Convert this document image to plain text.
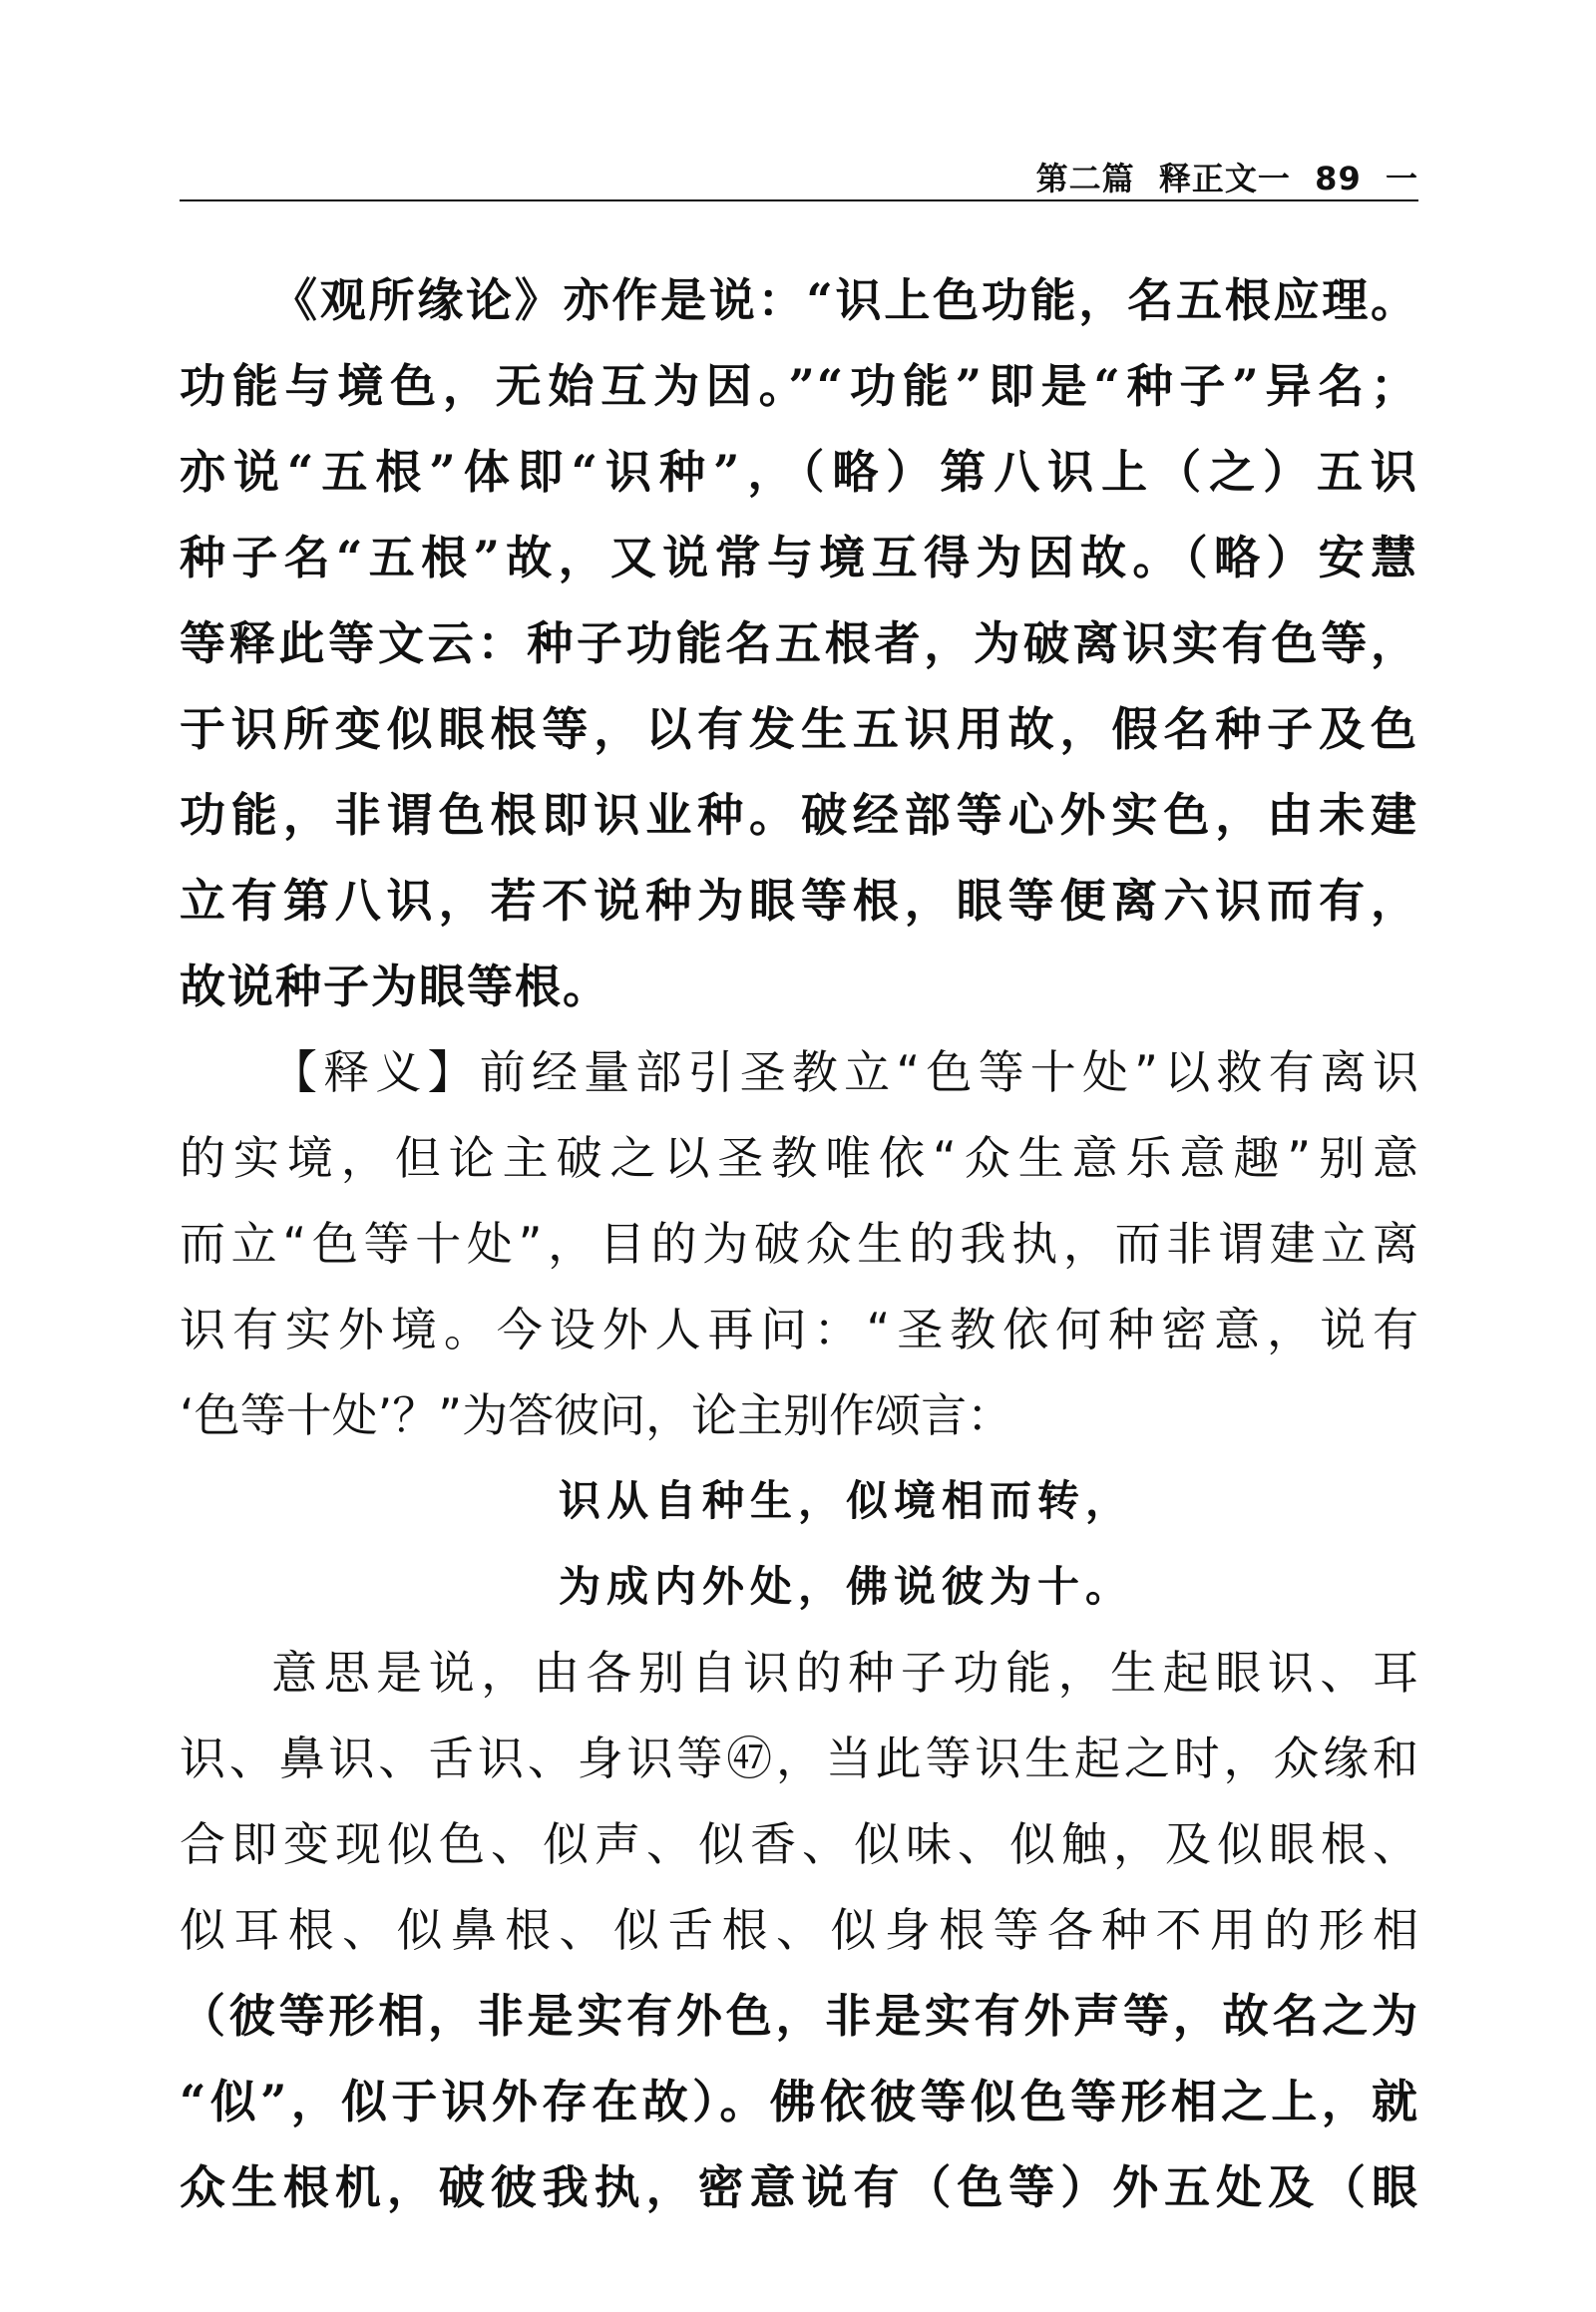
第二篇  释正文一  89  一
《观所缘论》亦作是说：“识上色功能，名五根应理。
功能与境色，无始互为因。”“功能”即是“种子”异名；
亦说“五根”体即“识种”，（略）第八识上（之）五识
种子名“五根”故，又说常与境互得为因故。（略）安慧
等释此等文云：种子功能名五根者，为破离识实有色等，
于识所变似眼根等，以有发生五识用故，假名种子及色
功能，非谓色根即识业种。破经部等心外实色，由未建
立有第八识，若不说种为眼等根，眼等便离六识而有，
故说种子为眼等根。
【释义】前经量部引圣教立“色等十处”以救有离识
的实境，但论主破之以圣教唯依“众生意乐意趣”别意
而立“色等十处”，目的为破众生的我执，而非谓建立离
识有实外境。今设外人再问：“圣教依何种密意，说有
‘色等十处’？”为答彼问，论主别作颂言：
识从自种生，似境相而转，
为成内外处，佛说彼为十。
意思是说，由各别自识的种子功能，生起眼识、耳
识、鼻识、舌识、身识等㊼，当此等识生起之时，众缘和
合即变现似色、似声、似香、似味、似触，及似眼根、
似耳根、似鼻根、似舌根、似身根等各种不用的形相
（彼等形相，非是实有外色，非是实有外声等，故名之为
“似”，似于识外存在故）。佛依彼等似色等形相之上，就
众生根机，破彼我执，密意说有（色等）外五处及（眼
